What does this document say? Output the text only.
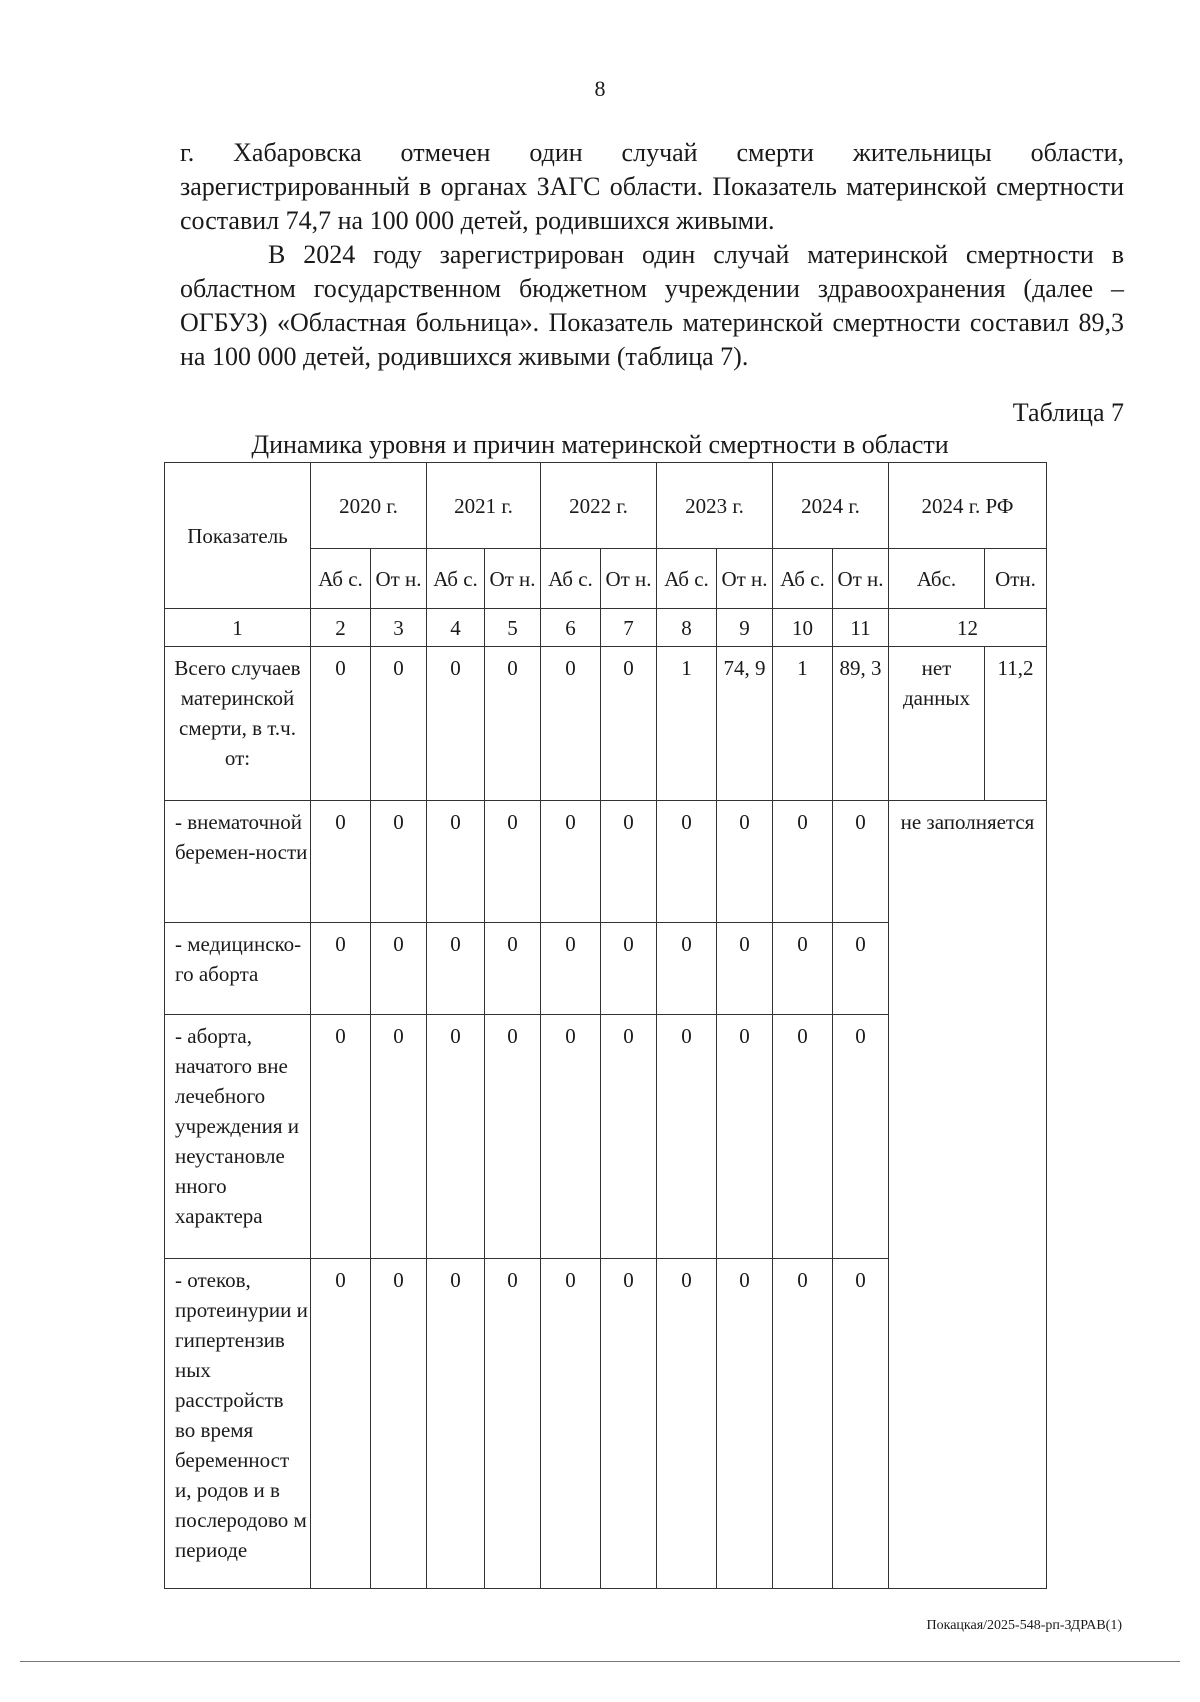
8

г. Хабаровска отмечен один случай смерти жительницы области, зарегистрированный в органах ЗАГС области. Показатель материнской смертности составил 74,7 на 100 000 детей, родившихся живыми.

В 2024 году зарегистрирован один случай материнской смертности в областном государственном бюджетном учреждении здравоохранения (далее – ОГБУЗ) «Областная больница». Показатель материнской смертности составил 89,3 на 100 000 детей, родившихся живыми (таблица 7).

Таблица 7
Динамика уровня и причин материнской смертности в области
Показатель	2020 г.		2021 г.		2022 г.		2023 г.		2024 г.		2024 г. РФ	
	Аб с.	От н.	Аб с.	От н.	Аб с.	От н.	Аб с.	От н.	Аб с.	От н.	Абс.	Отн.
1	2	3	4	5	6	7	8	9	10	11	12	
Всего случаев материнской смерти, в т.ч. от:	0	0	0	0	0	0	1	74, 9	1	89, 3	нет данных	11,2
- внематочной беремен-ности	0	0	0	0	0	0	0	0	0	0	не заполняется	
- медицинско-го аборта	0	0	0	0	0	0	0	0	0	0		
- аборта, начатого вне лечебного учреждения и неустановле нного характера	0	0	0	0	0	0	0	0	0	0		
- отеков, протеинурии и гипертензив ных расстройств во время беременност и, родов и в послеродово м периоде	0	0	0	0	0	0	0	0	0	0		
Покацкая/2025-548-рп-ЗДРАВ(1)
